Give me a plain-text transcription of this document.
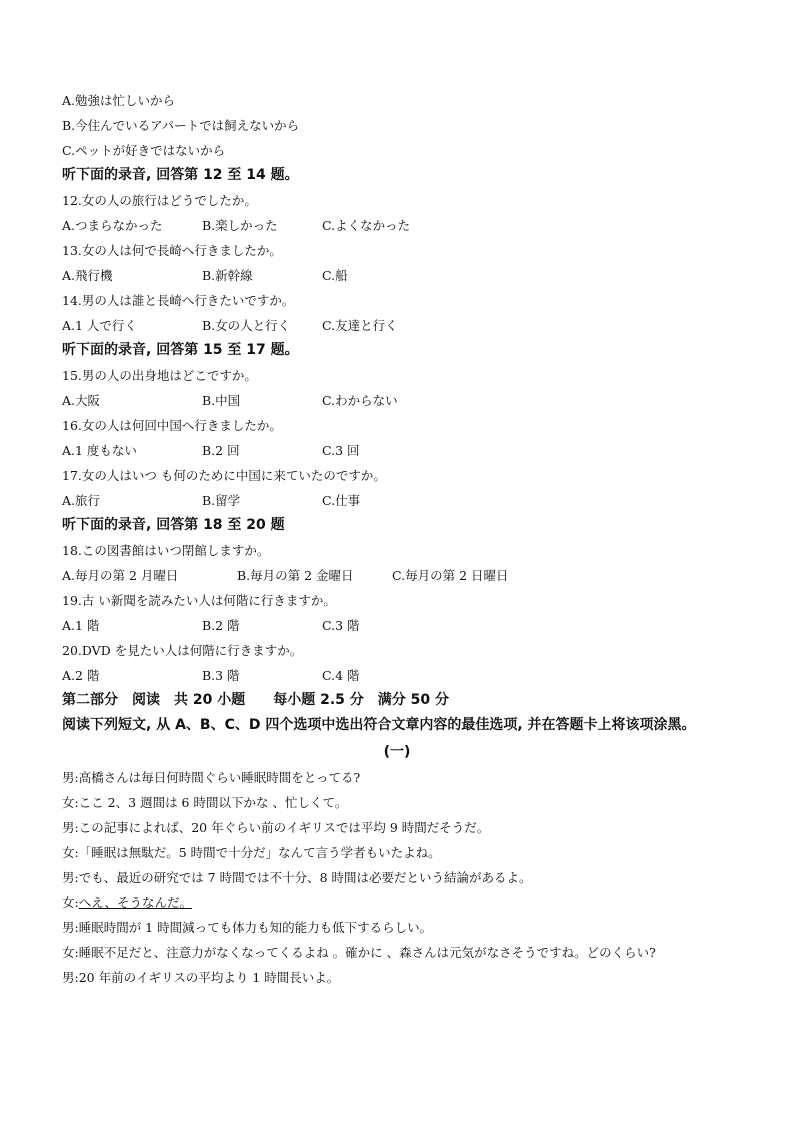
A.勉強は忙しいから
B.今住んでいるアパートでは飼えないから
C.ペットが好きではないから
听下面的录音, 回答第 12 至 14 题。
12.女の人の旅行はどうでしたか。
A.つまらなかった	B.楽しかった	C.よくなかった
13.女の人は何で長崎へ行きましたか。
A.飛行機	B.新幹線	C.船
14.男の人は誰と長崎へ行きたいですか。
A.1 人で行く	B.女の人と行く	C.友達と行く
听下面的录音, 回答第 15 至 17 题。
15.男の人の出身地はどこですか。
A.大阪	B.中国	C.わからない
16.女の人は何回中国へ行きましたか。
A.1 度もない	B.2 回	C.3 回
17.女の人はいつ も何のために中国に来ていたのですか。
A.旅行	B.留学	C.仕事
听下面的录音, 回答第 18 至 20 题
18.この図書館はいつ閉館しますか。
A.毎月の第 2 月曜日	B.毎月の第 2 金曜日	C.毎月の第 2 日曜日
19.古 い新聞を読みたい人は何階に行きますか。
A.1 階	B.2 階	C.3 階
20.DVD を見たい人は何階に行きますか。
A.2 階	B.3 階	C.4 階
第二部分　阅读　共 20 小题　　每小题 2.5 分　满分 50 分
阅读下列短文, 从 A、B、C、D 四个选项中选出符合文章内容的最佳选项, 并在答题卡上将该项涂黑。
(一)
男:高橋さんは毎日何時間ぐらい睡眠時間をとってる?
女:ここ 2、3 週間は 6 時間以下かな 、忙しくて。
男:この記事によれば、20 年ぐらい前のイギリスでは平均 9 時間だそうだ。
女:「睡眠は無駄だ。5 時間で十分だ」なんて言う学者もいたよね。
男:でも、最近の研究では 7 時間では不十分、8 時間は必要だという結論があるよ。
女:へえ、そうなんだ。
男:睡眠時間が 1 時間減っても体力も知的能力も低下するらしい。
女:睡眠不足だと、注意力がなくなってくるよね 。確かに 、森さんは元気がなさそうですね。どのくらい?
男:20 年前のイギリスの平均より 1 時間長いよ。
